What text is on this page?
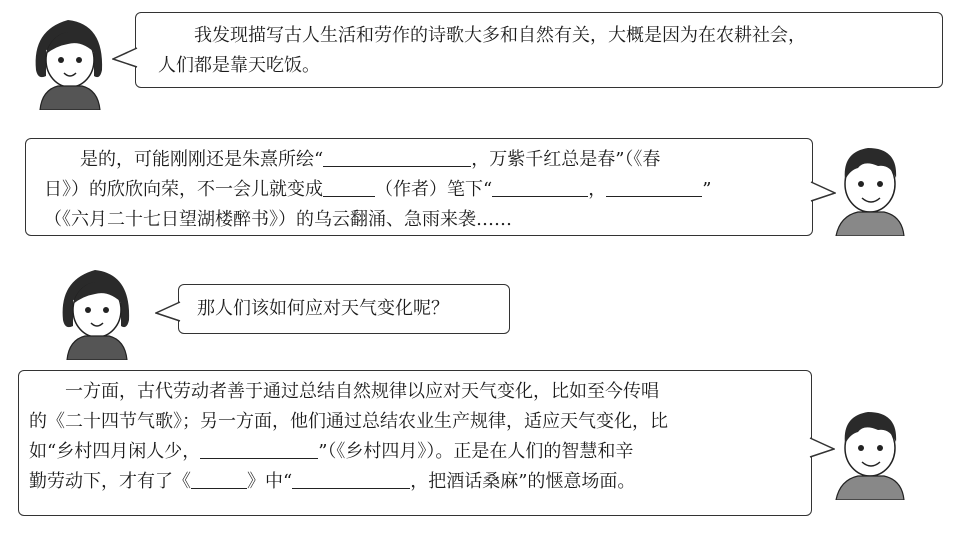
我发现描写古人生活和劳作的诗歌大多和自然有关，大概是因为在农耕社会，

人们都是靠天吃饭。

是的，可能刚刚还是朱熹所绘“	，万紫千红总是春”（《春
日》）的欣欣向荣，不一会儿就变成	（作者）笔下“	，	”
（《六月二十七日望湖楼醉书》）的乌云翻涌、急雨来袭……
那人们该如何应对天气变化呢？
一方面，古代劳动者善于通过总结自然规律以应对天气变化，比如至今传唱
的《二十四节气歌》；另一方面，他们通过总结农业生产规律，适应天气变化，比
如“乡村四月闲人少，	”（《乡村四月》）。正是在人们的智慧和辛
勤劳动下，才有了《	》中“	，把酒话桑麻”的惬意场面。
